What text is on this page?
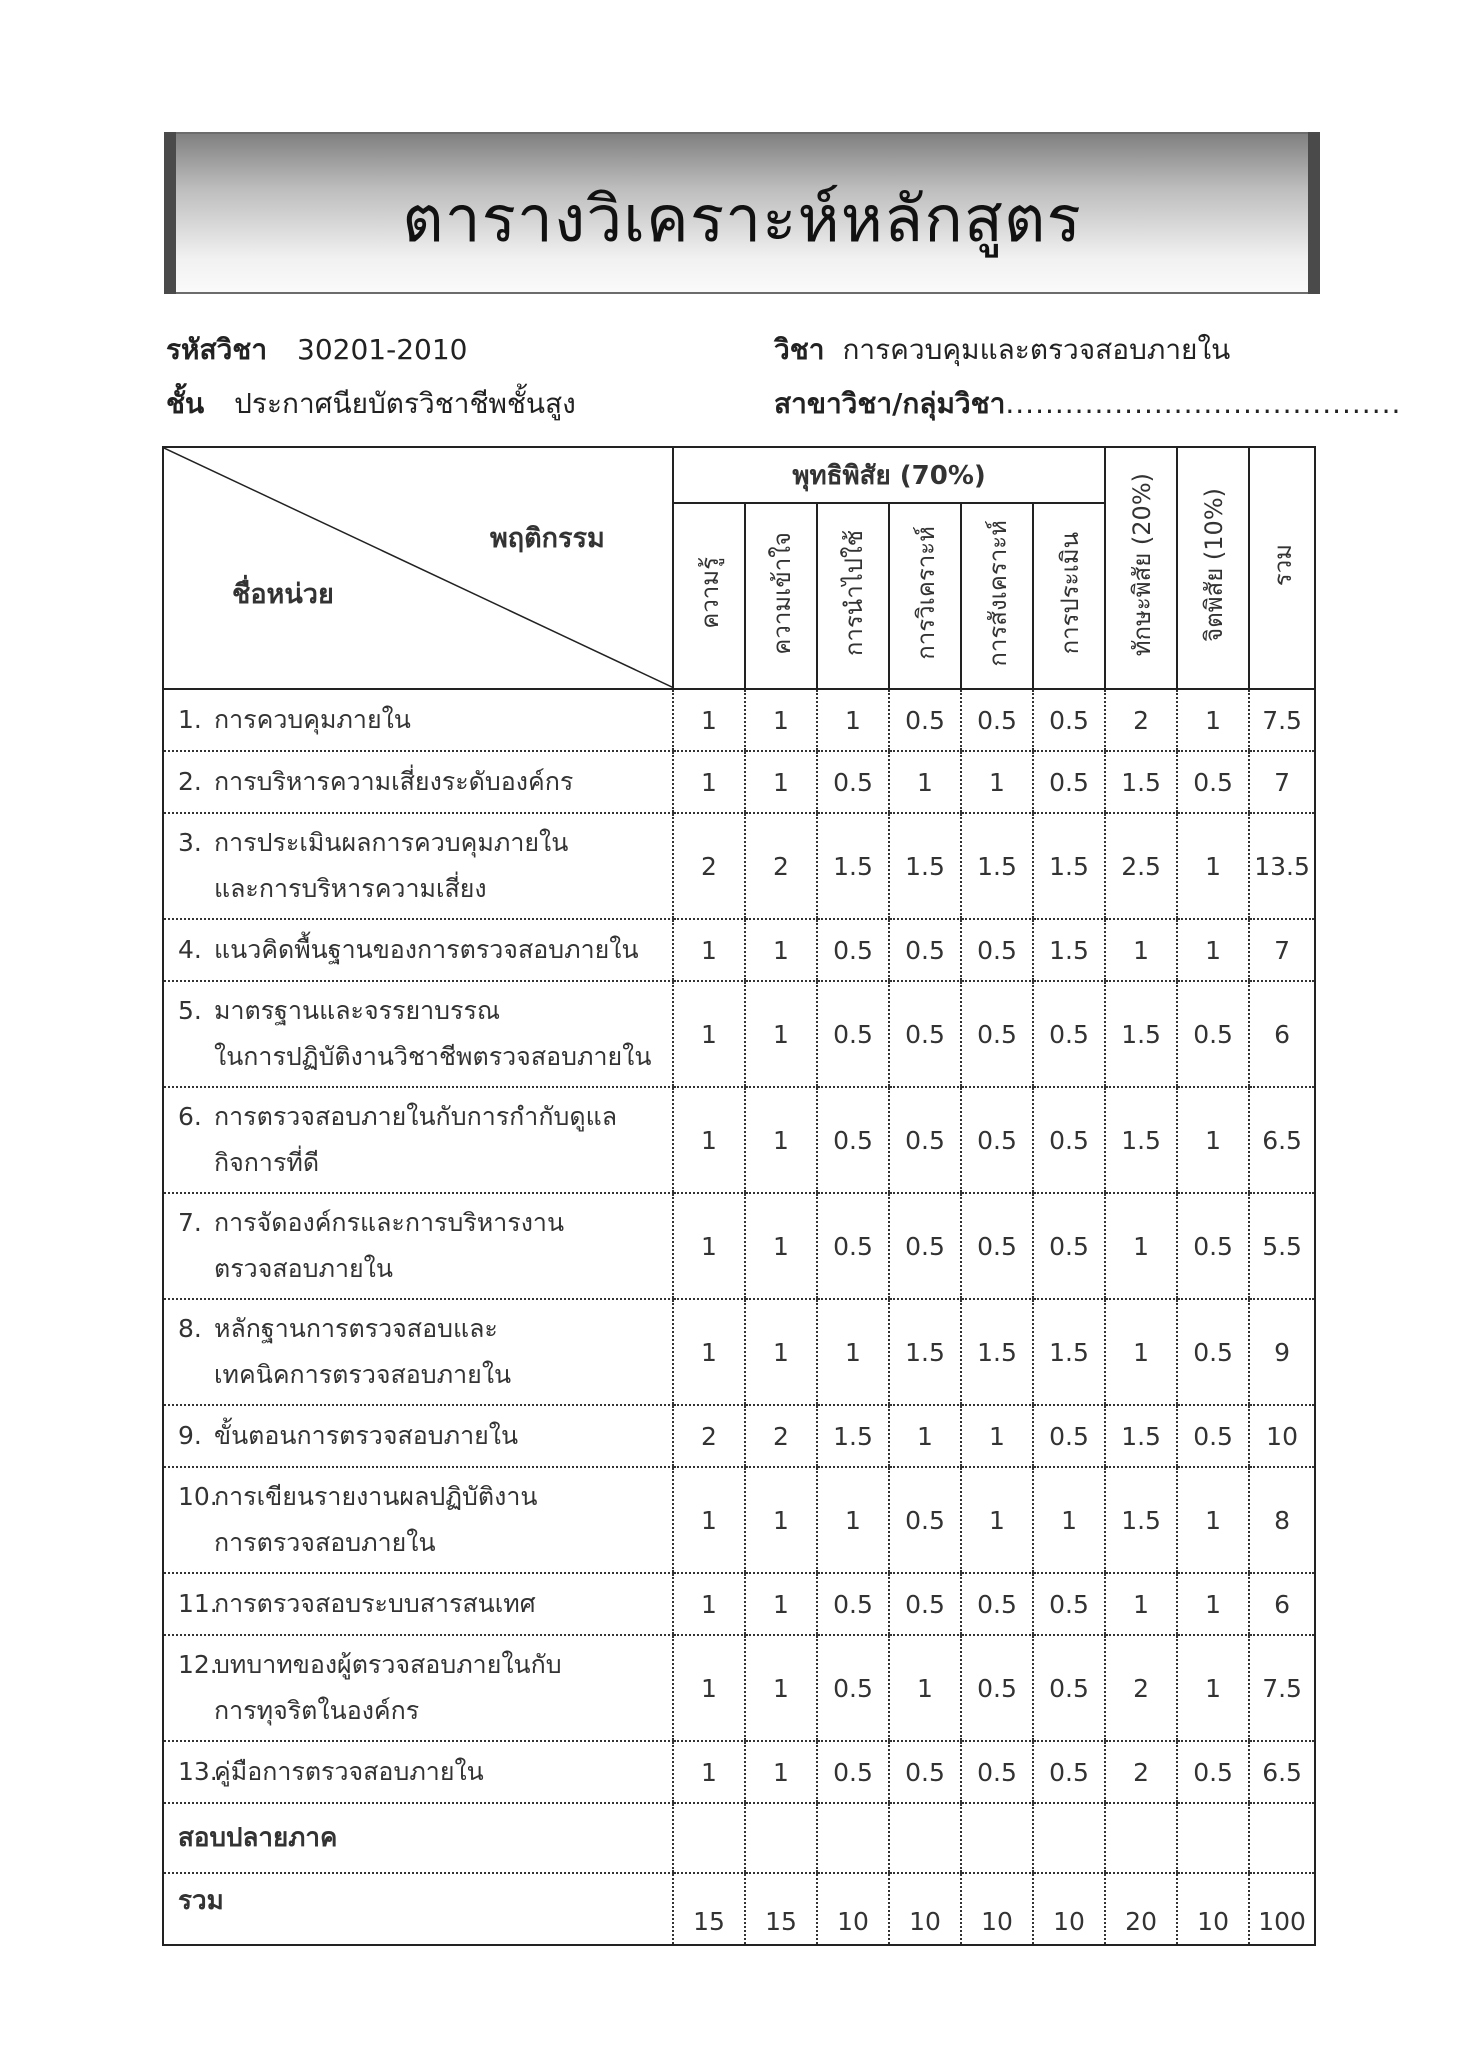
ตารางวิเคราะห์หลักสูตร
รหัสวิชา 30201-2010	วิชา การควบคุมและตรวจสอบภายใน
ชั้น ประกาศนียบัตรวิชาชีพชั้นสูง	สาขาวิชา/กลุ่มวิชา........................................
พฤติกรรม
ชื่อหน่วย	พุทธิพิสัย (70%)						ทักษะพิสัย (20%)	จิตพิสัย (10%)	รวม
	ความรู้	ความเข้าใจ	การนำไปใช้	การวิเคราะห์	การสังเคราะห์	การประเมิน			

1. การควบคุมภายใน	1	1	1	0.5	0.5	0.5	2	1	7.5

2. การบริหารความเสี่ยงระดับองค์กร	1	1	0.5	1	1	0.5	1.5	0.5	7

3. การประเมินผลการควบคุมภายใน
และการบริหารความเสี่ยง	2	2	1.5	1.5	1.5	1.5	2.5	1	13.5

4. แนวคิดพื้นฐานของการตรวจสอบภายใน	1	1	0.5	0.5	0.5	1.5	1	1	7

5. มาตรฐานและจรรยาบรรณ
ในการปฏิบัติงานวิชาชีพตรวจสอบภายใน	1	1	0.5	0.5	0.5	0.5	1.5	0.5	6

6. การตรวจสอบภายในกับการกำกับดูแล
กิจการที่ดี	1	1	0.5	0.5	0.5	0.5	1.5	1	6.5

7. การจัดองค์กรและการบริหารงาน
ตรวจสอบภายใน	1	1	0.5	0.5	0.5	0.5	1	0.5	5.5

8. หลักฐานการตรวจสอบและ
เทคนิคการตรวจสอบภายใน	1	1	1	1.5	1.5	1.5	1	0.5	9

9. ขั้นตอนการตรวจสอบภายใน	2	2	1.5	1	1	0.5	1.5	0.5	10

10.การเขียนรายงานผลปฏิบัติงาน
การตรวจสอบภายใน	1	1	1	0.5	1	1	1.5	1	8

11.การตรวจสอบระบบสารสนเทศ	1	1	0.5	0.5	0.5	0.5	1	1	6

12.บทบาทของผู้ตรวจสอบภายในกับ
การทุจริตในองค์กร	1	1	0.5	1	0.5	0.5	2	1	7.5

13.คู่มือการตรวจสอบภายใน	1	1	0.5	0.5	0.5	0.5	2	0.5	6.5
สอบปลายภาค									
รวม	15	15	10	10	10	10	20	10	100
